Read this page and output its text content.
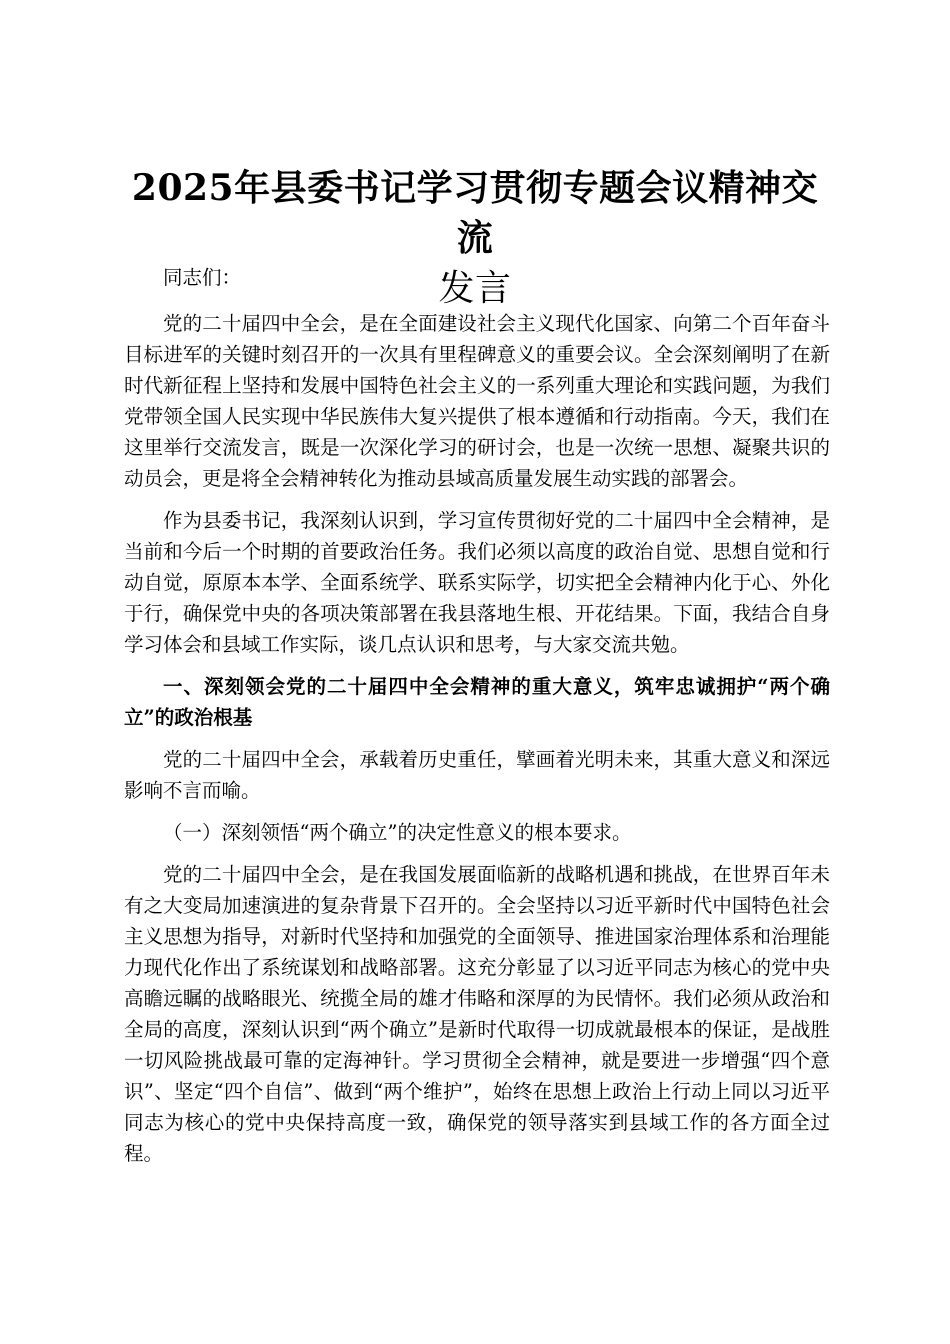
2025年县委书记学习贯彻专题会议精神交流
发言

同志们：

党的二十届四中全会，是在全面建设社会主义现代化国家、向第二个百年奋斗目标进军的关键时刻召开的一次具有里程碑意义的重要会议。全会深刻阐明了在新时代新征程上坚持和发展中国特色社会主义的一系列重大理论和实践问题，为我们党带领全国人民实现中华民族伟大复兴提供了根本遵循和行动指南。今天，我们在这里举行交流发言，既是一次深化学习的研讨会，也是一次统一思想、凝聚共识的动员会，更是将全会精神转化为推动县域高质量发展生动实践的部署会。

作为县委书记，我深刻认识到，学习宣传贯彻好党的二十届四中全会精神，是当前和今后一个时期的首要政治任务。我们必须以高度的政治自觉、思想自觉和行动自觉，原原本本学、全面系统学、联系实际学，切实把全会精神内化于心、外化于行，确保党中央的各项决策部署在我县落地生根、开花结果。下面，我结合自身学习体会和县域工作实际，谈几点认识和思考，与大家交流共勉。

一、深刻领会党的二十届四中全会精神的重大意义，筑牢忠诚拥护“两个确立”的政治根基

党的二十届四中全会，承载着历史重任，擘画着光明未来，其重大意义和深远影响不言而喻。

（一）深刻领悟“两个确立”的决定性意义的根本要求。

党的二十届四中全会，是在我国发展面临新的战略机遇和挑战，在世界百年未有之大变局加速演进的复杂背景下召开的。全会坚持以习近平新时代中国特色社会主义思想为指导，对新时代坚持和加强党的全面领导、推进国家治理体系和治理能力现代化作出了系统谋划和战略部署。这充分彰显了以习近平同志为核心的党中央高瞻远瞩的战略眼光、统揽全局的雄才伟略和深厚的为民情怀。我们必须从政治和全局的高度，深刻认识到“两个确立”是新时代取得一切成就最根本的保证，是战胜一切风险挑战最可靠的定海神针。学习贯彻全会精神，就是要进一步增强“四个意识”、坚定“四个自信”、做到“两个维护”，始终在思想上政治上行动上同以习近平同志为核心的党中央保持高度一致，确保党的领导落实到县域工作的各方面全过程。
